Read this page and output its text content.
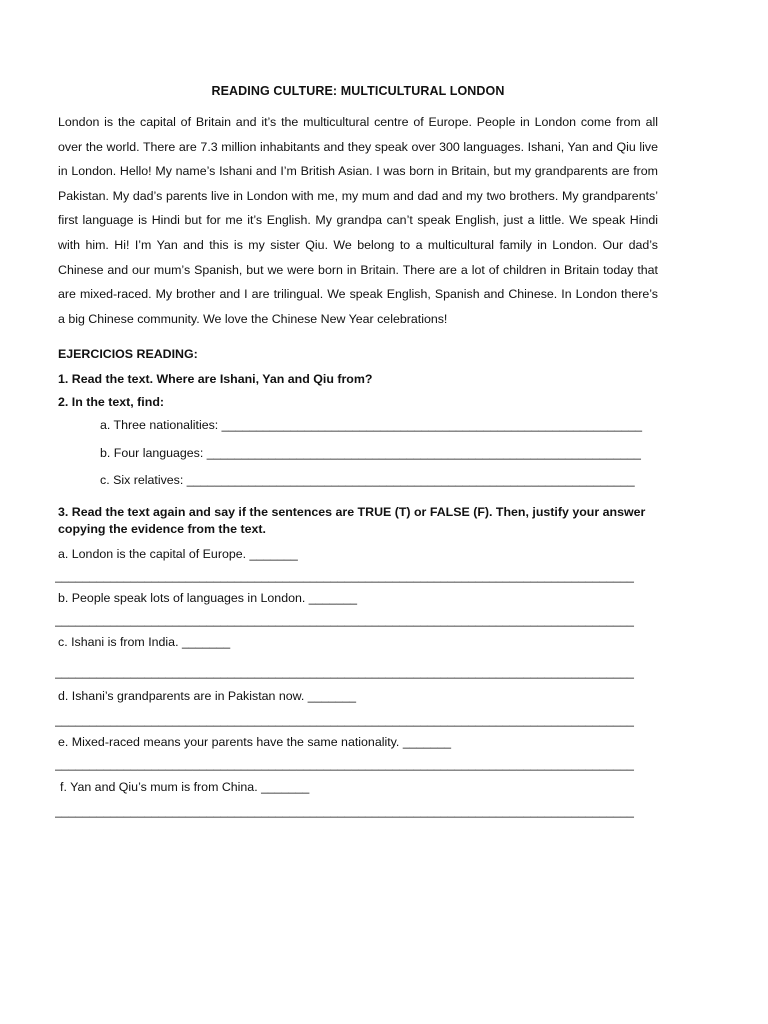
READING CULTURE: MULTICULTURAL LONDON

London is the capital of Britain and it’s the multicultural centre of Europe. People in London come from all over the world. There are 7.3 million inhabitants and they speak over 300 languages. Ishani, Yan and Qiu live in London. Hello! My name’s Ishani and I’m British Asian. I was born in Britain, but my grandparents are from Pakistan. My dad’s parents live in London with me, my mum and dad and my two brothers. My grandparents’ first language is Hindi but for me it’s English. My grandpa can’t speak English, just a little. We speak Hindi with him. Hi! I’m Yan and this is my sister Qiu. We belong to a multicultural family in London. Our dad’s Chinese and our mum’s Spanish, but we were born in Britain. There are a lot of children in Britain today that are mixed-raced. My brother and I are trilingual. We speak English, Spanish and Chinese. In London there’s a big Chinese community. We love the Chinese New Year celebrations!

EJERCICIOS READING:

1. Read the text. Where are Ishani, Yan and Qiu from?

2. In the text, find:

a. Three nationalities: _____________________________________________________________
b. Four languages: _______________________________________________________________
c. Six relatives: _________________________________________________________________

3. Read the text again and say if the sentences are TRUE (T) or FALSE (F). Then, justify your answer copying the evidence from the text.

a. London is the capital of Europe. _______
____________________________________________________________________________________
b. People speak lots of languages in London. _______
____________________________________________________________________________________
c. Ishani is from India. _______
____________________________________________________________________________________
d. Ishani’s grandparents are in Pakistan now. _______
____________________________________________________________________________________
e. Mixed-raced means your parents have the same nationality. _______
____________________________________________________________________________________
f. Yan and Qiu’s mum is from China. _______
____________________________________________________________________________________
